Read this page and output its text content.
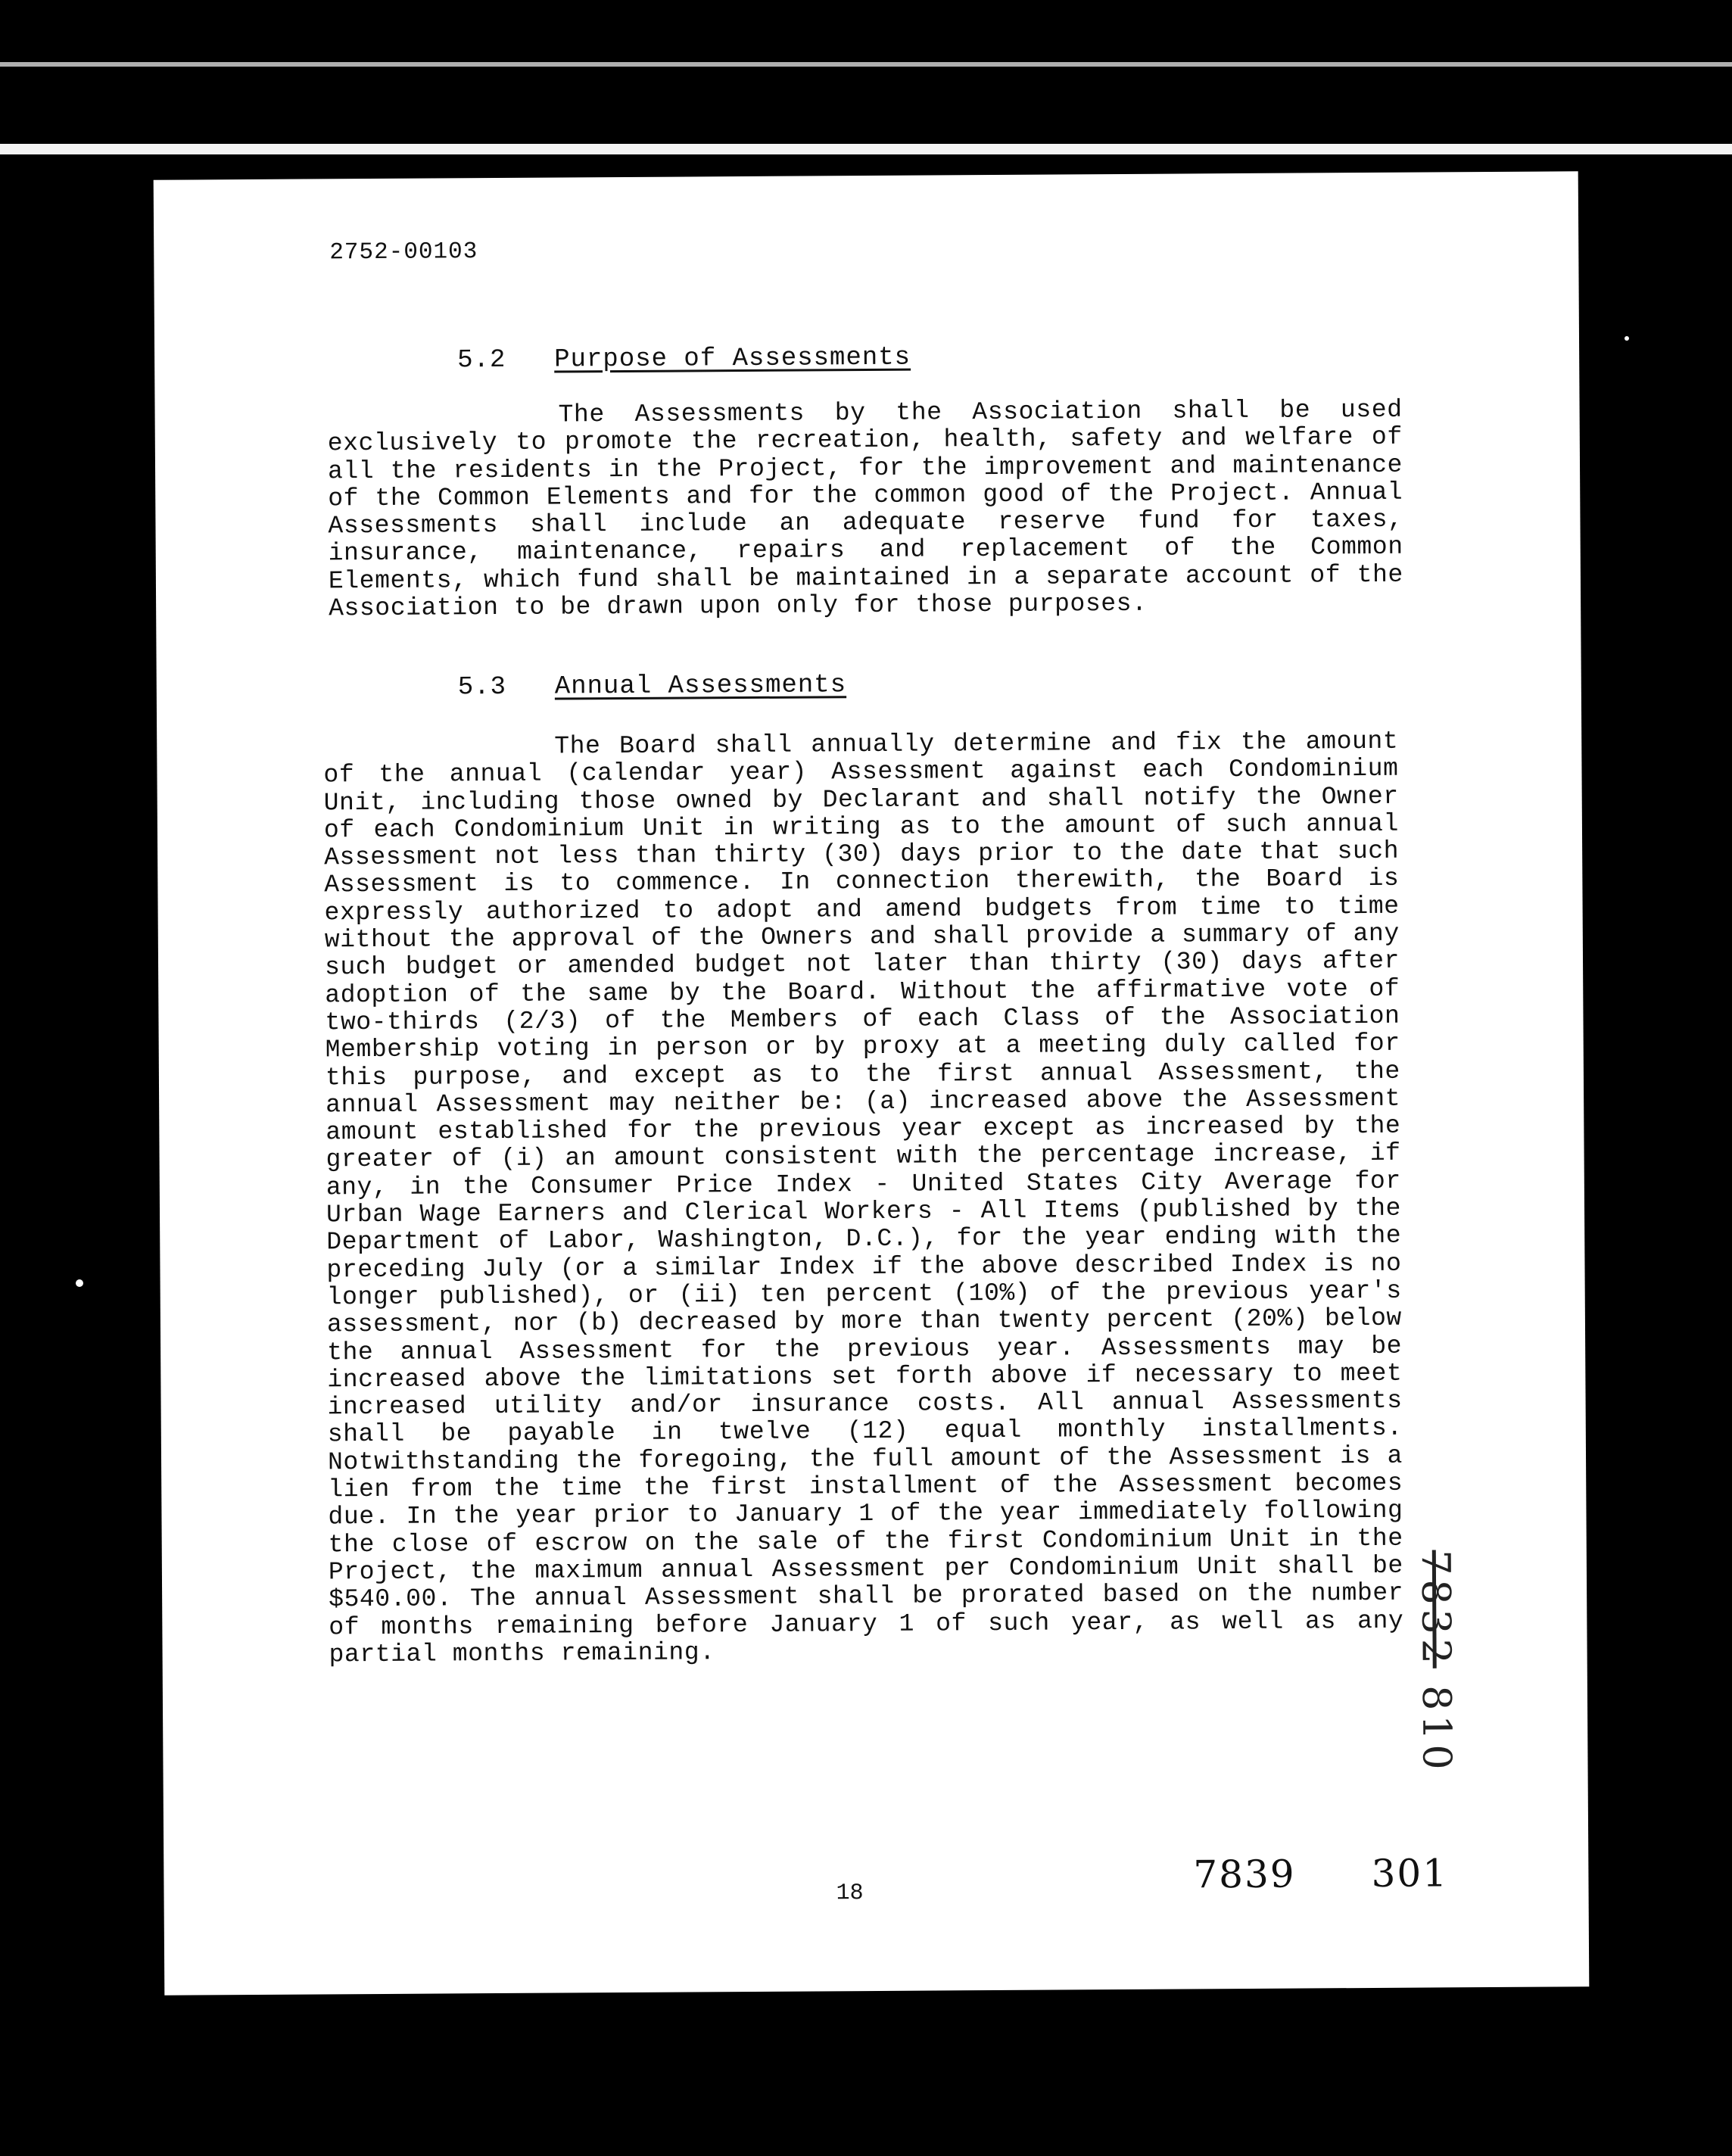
2752-00103
5.2 Purpose of Assessments

The Assessments by the Association shall be used exclusively to promote the recreation, health, safety and welfare of all the residents in the Project, for the improvement and maintenance of the Common Elements and for the common good of the Project. Annual Assessments shall include an adequate reserve fund for taxes, insurance, maintenance, repairs and replacement of the Common Elements, which fund shall be maintained in a separate account of the Association to be drawn upon only for those purposes.

5.3 Annual Assessments

The Board shall annually determine and fix the amount of the annual (calendar year) Assessment against each Condominium Unit, including those owned by Declarant and shall notify the Owner of each Condominium Unit in writing as to the amount of such annual Assessment not less than thirty (30) days prior to the date that such Assessment is to commence. In connection therewith, the Board is expressly authorized to adopt and amend budgets from time to time without the approval of the Owners and shall provide a summary of any such budget or amended budget not later than thirty (30) days after adoption of the same by the Board. Without the affirmative vote of two-thirds (2/3) of the Members of each Class of the Association Membership voting in person or by proxy at a meeting duly called for this purpose, and except as to the first annual Assessment, the annual Assessment may neither be: (a) increased above the Assessment amount established for the previous year except as increased by the greater of (i) an amount consistent with the percentage increase, if any, in the Consumer Price Index - United States City Average for Urban Wage Earners and Clerical Workers - All Items (published by the Department of Labor, Washington, D.C.), for the year ending with the preceding July (or a similar Index if the above described Index is no longer published), or (ii) ten percent (10%) of the previous year's assessment, nor (b) decreased by more than twenty percent (20%) below the annual Assessment for the previous year. Assessments may be increased above the limitations set forth above if necessary to meet increased utility and/or insurance costs. All annual Assessments shall be payable in twelve (12) equal monthly installments. Notwithstanding the foregoing, the full amount of the Assessment is a lien from the time the first installment of the Assessment becomes due. In the year prior to January 1 of the year immediately following the close of escrow on the sale of the first Condominium Unit in the Project, the maximum annual Assessment per Condominium Unit shall be $540.00. The annual Assessment shall be prorated based on the number of months remaining before January 1 of such year, as well as any partial months remaining.

18	7839 301
7832 810
